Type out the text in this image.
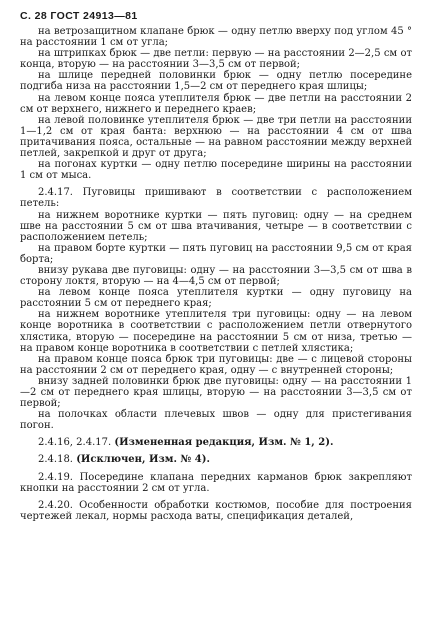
С. 28 ГОСТ 24913—81

на ветрозащитном клапане брюк — одну петлю вверху под углом 45 ° на расстоянии 1 см от угла;

на штрипках брюк — две петли: первую — на расстоянии 2—2,5 см от конца, вторую — на расстоянии 3—3,5 см от первой;

на шлице передней половинки брюк — одну петлю посередине подгиба низа на расстоянии 1,5—2 см от переднего края шлицы;

на левом конце пояса утеплителя брюк — две петли на расстоянии 2 см от верхнего, нижнего и переднего краев;

на левой половинке утеплителя брюк — две три петли на расстоянии 1—1,2 см от края банта: верхнюю — на расстоянии 4 см от шва притачивания пояса, остальные — на равном расстоянии между верхней петлей, закрепкой и друг от друга;

на погонах куртки — одну петлю посередине ширины на расстоянии 1 см от мыса.

2.4.17. Пуговицы пришивают в соответствии с расположением петель:

на нижнем воротнике куртки — пять пуговиц: одну — на среднем шве на расстоянии 5 см от шва втачивания, четыре — в соответствии с расположением петель;

на правом борте куртки — пять пуговиц на расстоянии 9,5 см от края борта;

внизу рукава две пуговицы: одну — на расстоянии 3—3,5 см от шва в сторону локтя, вторую — на 4—4,5 см от первой;

на левом конце пояса утеплителя куртки — одну пуговицу на расстоянии 5 см от переднего края;

на нижнем воротнике утеплителя три пуговицы: одну — на левом конце воротника в соответствии с расположением петли отвернутого хлястика, вторую — посередине на расстоянии 5 см от низа, третью — на правом конце воротника в соответствии с петлей хлястика;

на правом конце пояса брюк три пуговицы: две — с лицевой стороны на расстоянии 2 см от переднего края, одну — с внутренней стороны;

внизу задней половинки брюк две пуговицы: одну — на расстоянии 1—2 см от переднего края шлицы, вторую — на расстоянии 3—3,5 см от первой;

на полочках области плечевых швов — одну для пристегивания погон.

2.4.16, 2.4.17. (Измененная редакция, Изм. № 1, 2).

2.4.18. (Исключен, Изм. № 4).

2.4.19. Посередине клапана передних карманов брюк закрепляют кнопки на расстоянии 2 см от угла.

2.4.20. Особенности обработки костюмов, пособие для построения чертежей лекал, нормы расхода ваты, спецификация деталей,
